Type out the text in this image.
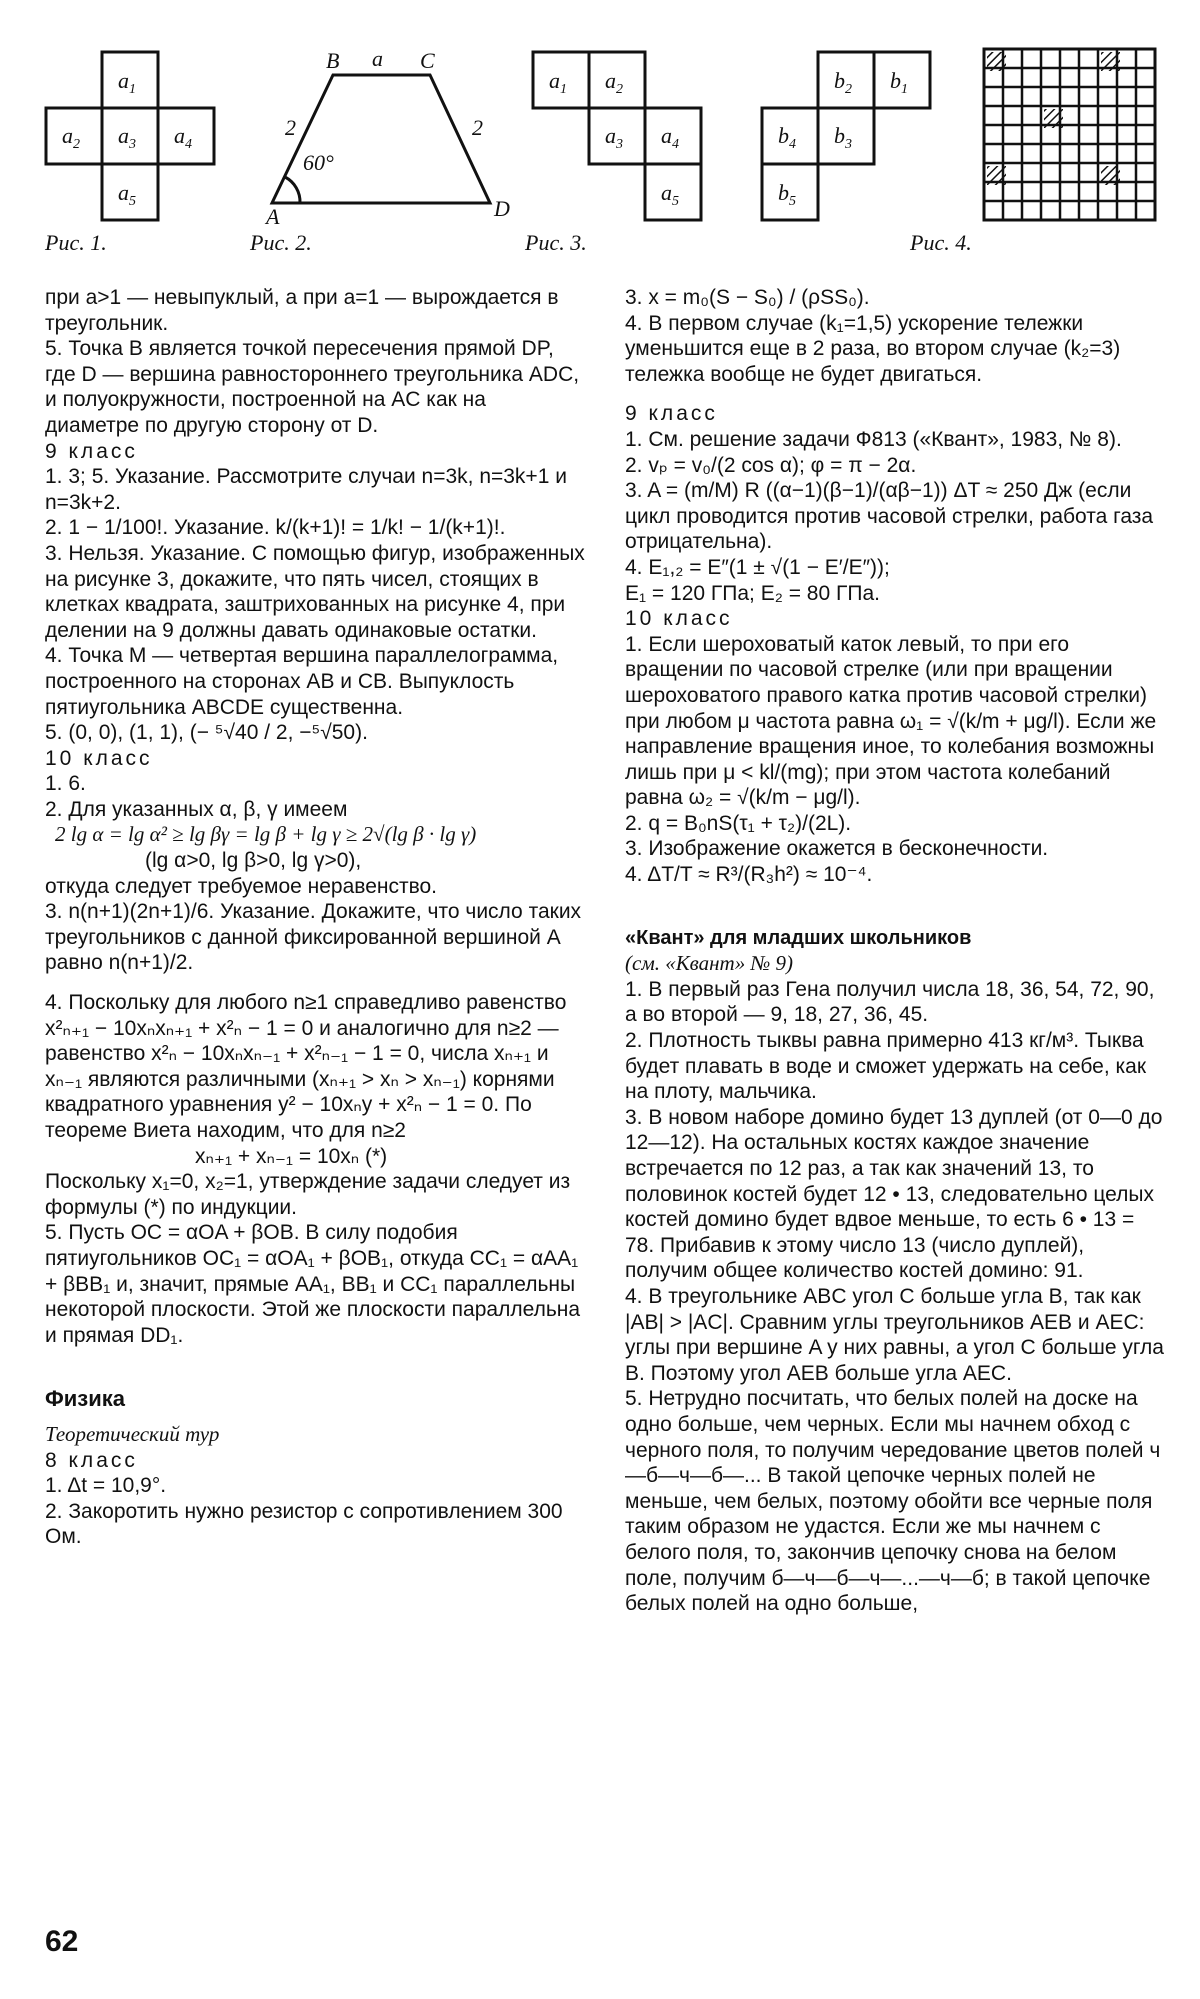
$a_1$
$a_2$ $a_3$ $a_4$
$a_5$
A
B a C
D
2	2
60°
$a_1$ $a_2$
$a_3$ $a_4$
$a_5$
$b_2$ $b_1$
$b_4$ $b_3$
$b_5$
Рис. 1.	Рис. 2.	Рис. 3.	Рис. 4.

при a>1 — невыпуклый, а при a=1 — вырождается в треугольник.

5. Точка B является точкой пересечения прямой DP, где D — вершина равностороннего треугольника ADC, и полуокружности, построенной на AC как на диаметре по другую сторону от D.

9 класс

1. 3; 5. Указание. Рассмотрите случаи n=3k, n=3k+1 и n=3k+2.

2. 1 − 1/100!. Указание. k/(k+1)! = 1/k! − 1/(k+1)!.

3. Нельзя. Указание. С помощью фигур, изображенных на рисунке 3, докажите, что пять чисел, стоящих в клетках квадрата, заштрихованных на рисунке 4, при делении на 9 должны давать одинаковые остатки.

4. Точка M — четвертая вершина параллелограмма, построенного на сторонах AB и CB. Выпуклость пятиугольника ABCDE существенна.

5. (0, 0), (1, 1), (− ⁵√40 / 2, −⁵√50).

10 класс

1. 6.

2. Для указанных α, β, γ имеем

2 lg α = lg α² ≥ lg βγ = lg β + lg γ ≥ 2√(lg β · lg γ)

(lg α>0, lg β>0, lg γ>0),

откуда следует требуемое неравенство.

3. n(n+1)(2n+1)/6. Указание. Докажите, что число таких треугольников с данной фиксированной вершиной A равно n(n+1)/2.

4. Поскольку для любого n≥1 справедливо равенство x²ₙ₊₁ − 10xₙxₙ₊₁ + x²ₙ − 1 = 0 и аналогично для n≥2 — равенство x²ₙ − 10xₙxₙ₋₁ + x²ₙ₋₁ − 1 = 0, числа xₙ₊₁ и xₙ₋₁ являются различными (xₙ₊₁ > xₙ > xₙ₋₁) корнями квадратного уравнения y² − 10xₙy + x²ₙ − 1 = 0. По теореме Виета находим, что для n≥2

xₙ₊₁ + xₙ₋₁ = 10xₙ (*)

Поскольку x₁=0, x₂=1, утверждение задачи следует из формулы (*) по индукции.

5. Пусть OC = αOA + βOB. В силу подобия пятиугольников OC₁ = αOA₁ + βOB₁, откуда CC₁ = αAA₁ + βBB₁ и, значит, прямые AA₁, BB₁ и CC₁ параллельны некоторой плоскости. Этой же плоскости параллельна и прямая DD₁.

Физика

Теоретический тур

8 класс

1. Δt = 10,9°.

2. Закоротить нужно резистор с сопротивлением 300 Ом.

3. x = m₀(S − S₀) / (ρSS₀).

4. В первом случае (k₁=1,5) ускорение тележки уменьшится еще в 2 раза, во втором случае (k₂=3) тележка вообще не будет двигаться.

9 класс

1. См. решение задачи Ф813 («Квант», 1983, № 8).

2. vₚ = v₀/(2 cos α); φ = π − 2α.

3. A = (m/M) R ((α−1)(β−1)/(αβ−1)) ΔT ≈ 250 Дж (если цикл проводится против часовой стрелки, работа газа отрицательна).

4. E₁,₂ = E″(1 ± √(1 − E′/E″));

E₁ = 120 ГПа; E₂ = 80 ГПа.

10 класс

1. Если шероховатый каток левый, то при его вращении по часовой стрелке (или при вращении шероховатого правого катка против часовой стрелки) при любом μ частота равна ω₁ = √(k/m + μg/l). Если же направление вращения иное, то колебания возможны лишь при μ < kl/(mg); при этом частота колебаний равна ω₂ = √(k/m − μg/l).

2. q = B₀nS(τ₁ + τ₂)/(2L).

3. Изображение окажется в бесконечности.

4. ΔT/T ≈ R³/(R₃h²) ≈ 10⁻⁴.

«Квант» для младших школьников

(см. «Квант» № 9)

1. В первый раз Гена получил числа 18, 36, 54, 72, 90, а во второй — 9, 18, 27, 36, 45.

2. Плотность тыквы равна примерно 413 кг/м³. Тыква будет плавать в воде и сможет удержать на себе, как на плоту, мальчика.

3. В новом наборе домино будет 13 дуплей (от 0—0 до 12—12). На остальных костях каждое значение встречается по 12 раз, а так как значений 13, то половинок костей будет 12 • 13, следовательно целых костей домино будет вдвое меньше, то есть 6 • 13 = 78. Прибавив к этому число 13 (число дуплей), получим общее количество костей домино: 91.

4. В треугольнике ABC угол C больше угла B, так как |AB| > |AC|. Сравним углы треугольников AEB и AEC: углы при вершине A у них равны, а угол C больше угла B. Поэтому угол AEB больше угла AEC.

5. Нетрудно посчитать, что белых полей на доске на одно больше, чем черных. Если мы начнем обход с черного поля, то получим чередование цветов полей ч—б—ч—б—... В такой цепочке черных полей не меньше, чем белых, поэтому обойти все черные поля таким образом не удастся. Если же мы начнем с белого поля, то, закончив цепочку снова на белом поле, получим б—ч—б—ч—...—ч—б; в такой цепочке белых полей на одно больше,

62
